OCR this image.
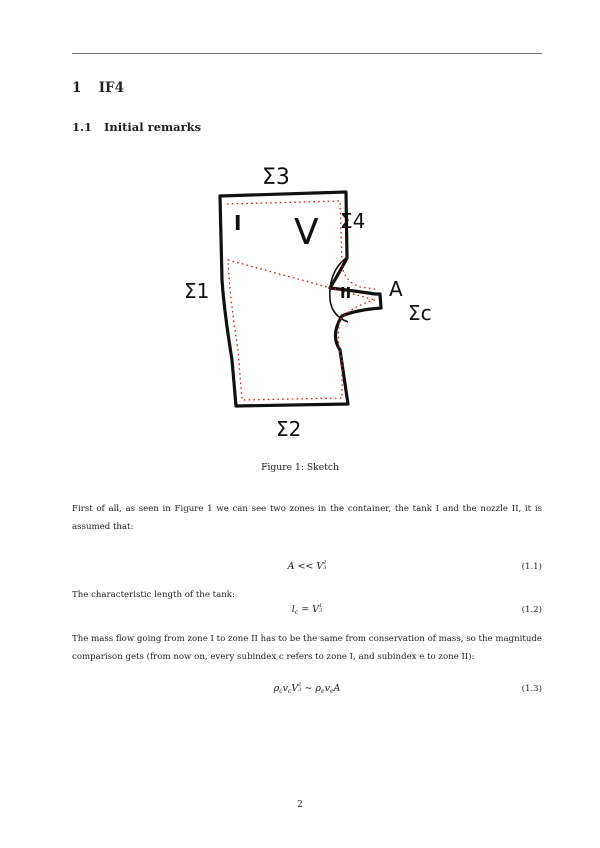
1 IF4
1.1 Initial remarks
Σ3
Σ4
Σ1
Σ2
Σc
I
II
V
A
Figure 1: Sketch
First of all, as seen in Figure 1 we can see two zones in the container, the tank I and the nozzle II, it is assumed that:
A << V 2
3	(1.1)
The characteristic length of the tank:
$l_c = V$ 1
3	(1.2)
The mass flow going from zone I to zone II has to be the same from conservation of mass, so the magnitude comparison gets (from now on, every subindex c refers to zone I, and subindex e to zone II):
$\rho_cv_cV$ 2
3 ∼ $\rho_ev_eA$	(1.3)
2
